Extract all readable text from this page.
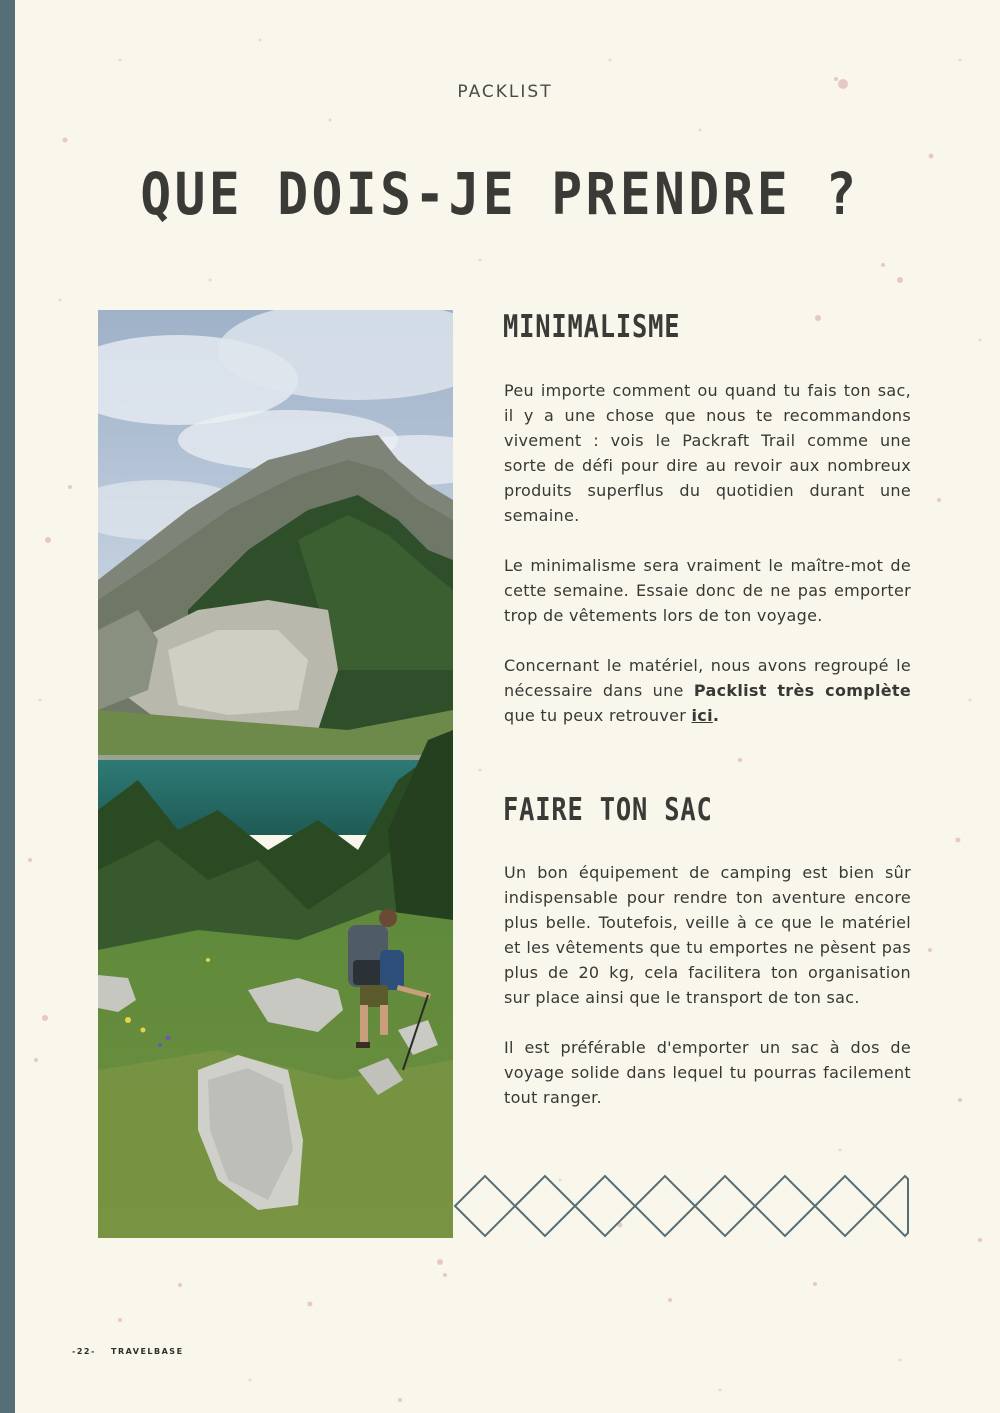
PACKLIST
QUE DOIS-JE PRENDRE ?
MINIMALISME

Peu importe comment ou quand tu fais ton sac, il y a une chose que nous te recommandons vivement : vois le Packraft Trail comme une sorte de défi pour dire au revoir aux nombreux produits superflus du quotidien durant une semaine.

Le minimalisme sera vraiment le maître-mot de cette semaine. Essaie donc de ne pas emporter trop de vêtements lors de ton voyage.

Concernant le matériel, nous avons regroupé le nécessaire dans une Packlist très complète que tu peux retrouver ici.

FAIRE TON SAC

Un bon équipement de camping est bien sûr indispensable pour rendre ton aventure encore plus belle. Toutefois, veille à ce que le matériel et les vêtements que tu emportes ne pèsent pas plus de 20 kg, cela facilitera ton organisation sur place ainsi que le transport de ton sac.

Il est préférable d'emporter un sac à dos de voyage solide dans lequel tu pourras facilement tout ranger.

-22- TRAVELBASE
